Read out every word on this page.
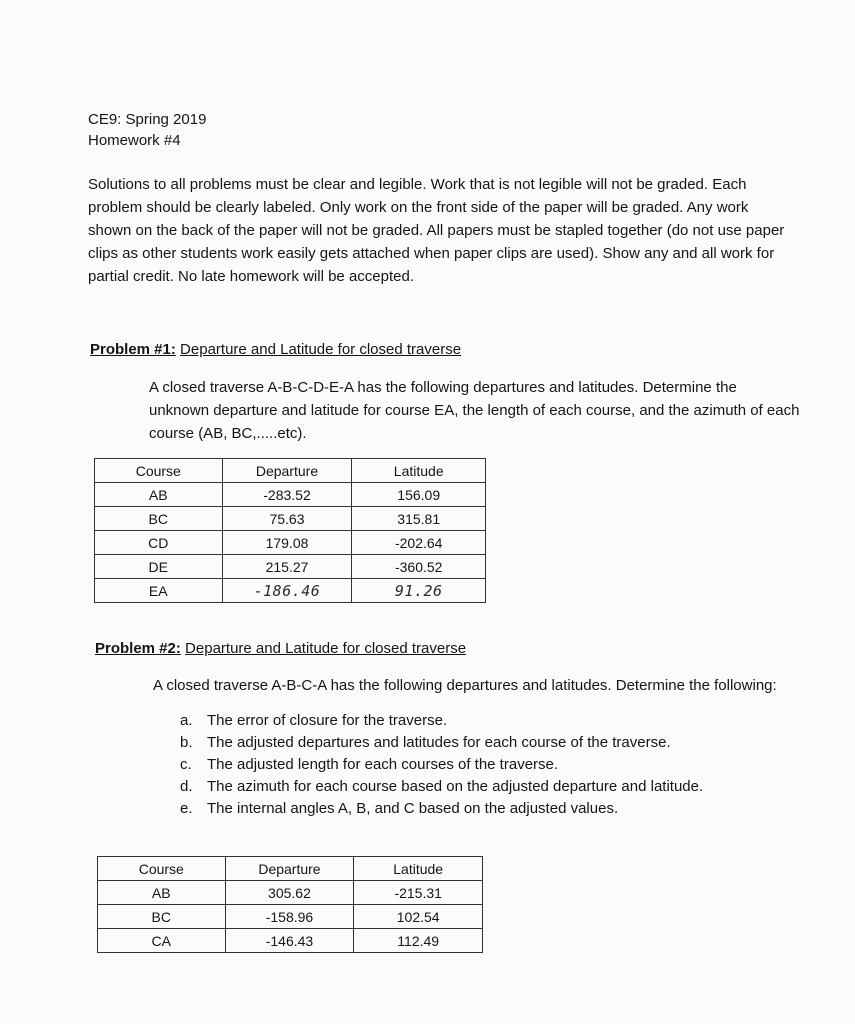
CE9: Spring 2019
Homework #4
Solutions to all problems must be clear and legible. Work that is not legible will not be graded. Each
problem should be clearly labeled. Only work on the front side of the paper will be graded. Any work
shown on the back of the paper will not be graded. All papers must be stapled together (do not use paper
clips as other students work easily gets attached when paper clips are used). Show any and all work for
partial credit. No late homework will be accepted.
Problem #1: Departure and Latitude for closed traverse
A closed traverse A-B-C-D-E-A has the following departures and latitudes. Determine the
unknown departure and latitude for course EA, the length of each course, and the azimuth of each
course (AB, BC,.....etc).
Course	Departure	Latitude
AB	-283.52	156.09
BC	75.63	315.81
CD	179.08	-202.64
DE	215.27	-360.52
EA	-186.46	91.26
Problem #2: Departure and Latitude for closed traverse
A closed traverse A-B-C-A has the following departures and latitudes. Determine the following:
a. The error of closure for the traverse.
b. The adjusted departures and latitudes for each course of the traverse.
c.	The adjusted length for each courses of the traverse.
d. The azimuth for each course based on the adjusted departure and latitude.
e. The internal angles A, B, and C based on the adjusted values.
Course	Departure	Latitude
AB	305.62	-215.31
BC	-158.96	102.54
CA	-146.43	112.49
